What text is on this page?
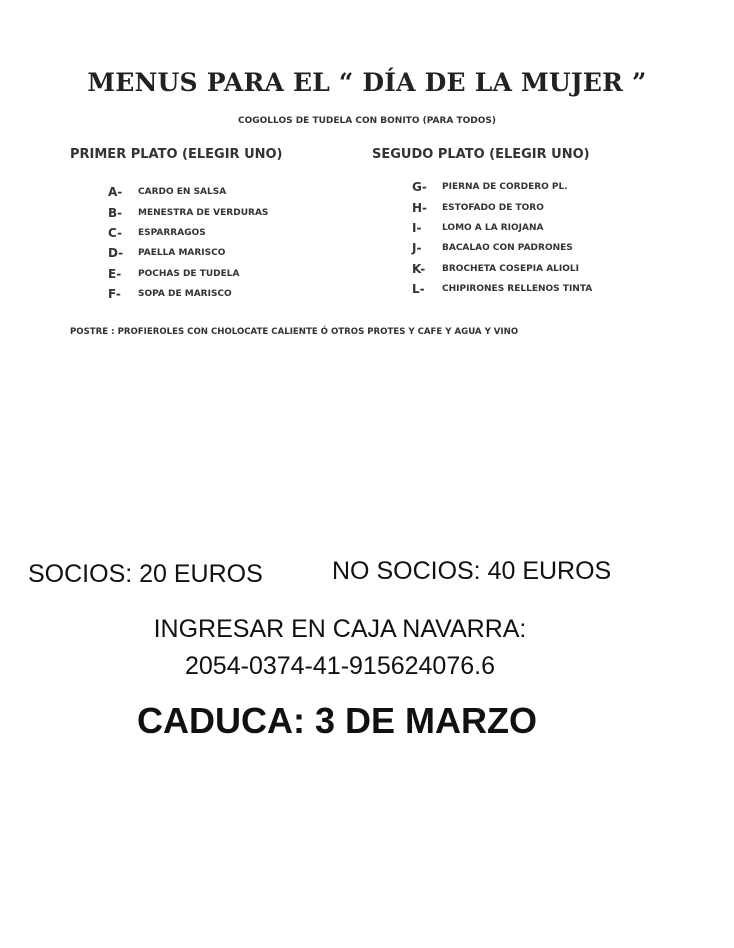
MENUS PARA EL “ DÍA DE LA MUJER ”
COGOLLOS DE TUDELA CON BONITO (PARA TODOS)
PRIMER PLATO (ELEGIR UNO)	SEGUDO PLATO (ELEGIR UNO)
A-	CARDO EN SALSA
B-	MENESTRA DE VERDURAS
C-	ESPARRAGOS
D-	PAELLA MARISCO
E-	POCHAS DE TUDELA
F-	SOPA DE MARISCO
G-	PIERNA DE CORDERO PL.
H-	ESTOFADO DE TORO
I-	LOMO A LA RIOJANA
J-	BACALAO CON PADRONES
K-	BROCHETA COSEPIA ALIOLI
L-	CHIPIRONES RELLENOS TINTA
POSTRE : PROFIEROLES CON CHOLOCATE CALIENTE Ó OTROS PROTES Y CAFE Y AGUA Y VINO
SOCIOS: 20 EUROS	NO SOCIOS: 40 EUROS
INGRESAR EN CAJA NAVARRA:
2054-0374-41-915624076.6
CADUCA: 3 DE MARZO
